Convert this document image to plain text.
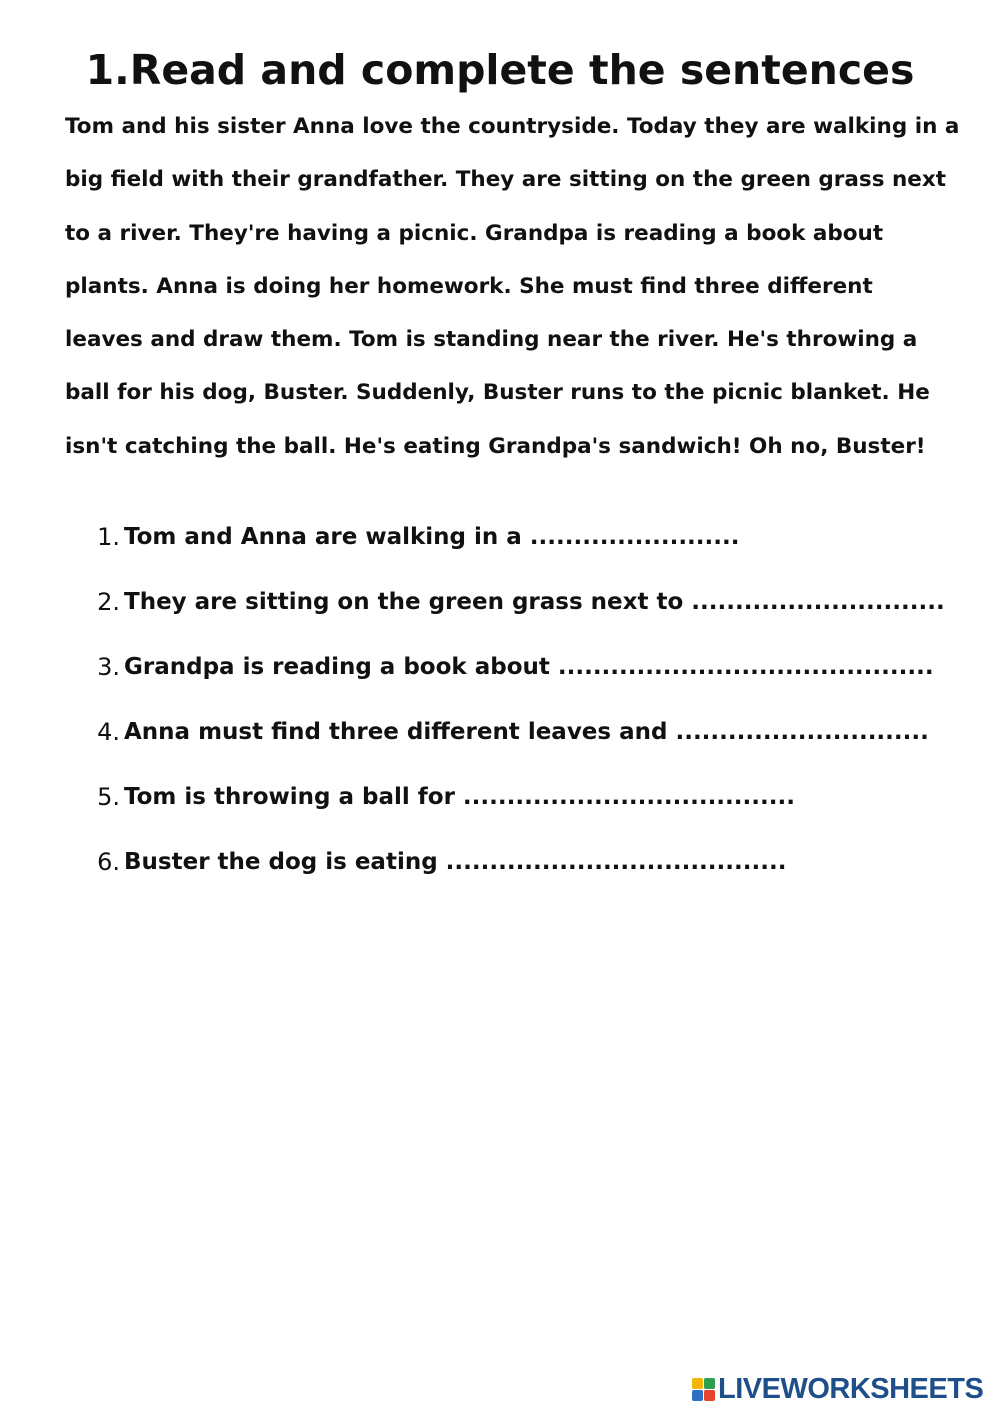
1.Read and complete the sentences
Tom and his sister Anna love the countryside. Today they are walking in a
big field with their grandfather. They are sitting on the green grass next
to a river. They're having a picnic. Grandpa is reading a book about
plants. Anna is doing her homework. She must find three different
leaves and draw them. Tom is standing near the river. He's throwing a
ball for his dog, Buster. Suddenly, Buster runs to the picnic blanket. He
isn't catching the ball. He's eating Grandpa's sandwich! Oh no, Buster!
1. Tom and Anna are walking in a ........................
2. They are sitting on the green grass next to .............................
3. Grandpa is reading a book about ...........................................
4. Anna must find three different leaves and .............................
5. Tom is throwing a ball for ......................................
6. Buster the dog is eating .......................................
LIVEWORKSHEETS
